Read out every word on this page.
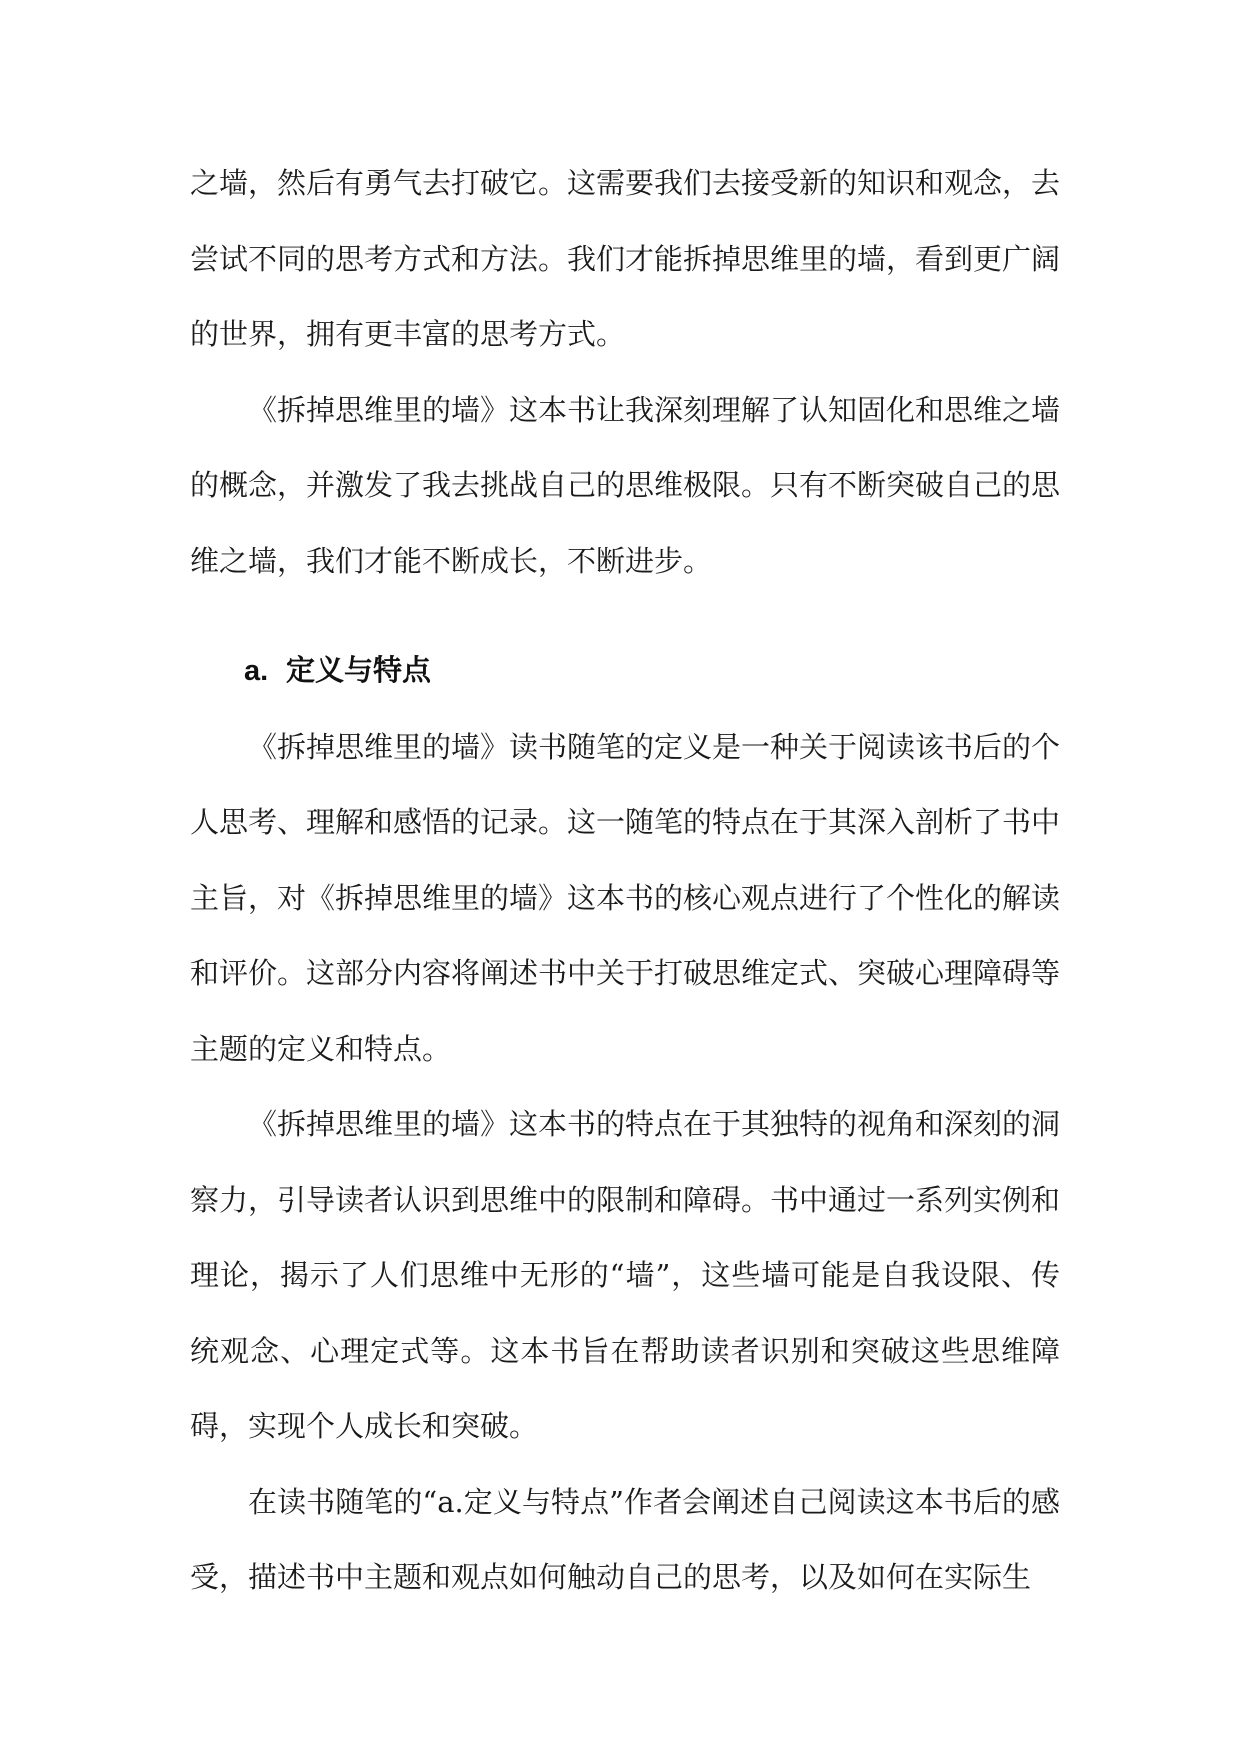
之墙，然后有勇气去打破它。这需要我们去接受新的知识和观念，去尝试不同的思考方式和方法。我们才能拆掉思维里的墙，看到更广阔的世界，拥有更丰富的思考方式。

《拆掉思维里的墙》这本书让我深刻理解了认知固化和思维之墙的概念，并激发了我去挑战自己的思维极限。只有不断突破自己的思维之墙，我们才能不断成长，不断进步。

a. 定义与特点

《拆掉思维里的墙》读书随笔的定义是一种关于阅读该书后的个人思考、理解和感悟的记录。这一随笔的特点在于其深入剖析了书中主旨，对《拆掉思维里的墙》这本书的核心观点进行了个性化的解读和评价。这部分内容将阐述书中关于打破思维定式、突破心理障碍等主题的定义和特点。

《拆掉思维里的墙》这本书的特点在于其独特的视角和深刻的洞察力，引导读者认识到思维中的限制和障碍。书中通过一系列实例和理论，揭示了人们思维中无形的“墙”，这些墙可能是自我设限、传统观念、心理定式等。这本书旨在帮助读者识别和突破这些思维障碍，实现个人成长和突破。

在读书随笔的“a.定义与特点”作者会阐述自己阅读这本书后的感受，描述书中主题和观点如何触动自己的思考，以及如何在实际生
